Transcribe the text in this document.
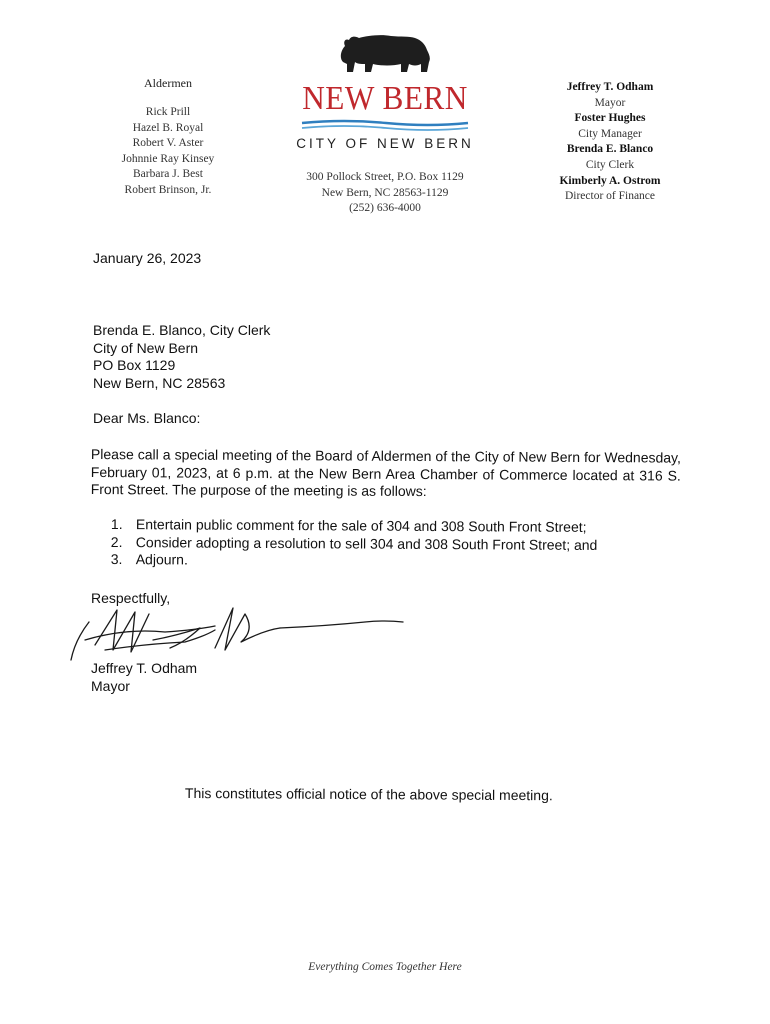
Aldermen
Rick Prill
Hazel B. Royal
Robert V. Aster
Johnnie Ray Kinsey
Barbara J. Best
Robert Brinson, Jr.
NEW BERN
CITY OF NEW BERN
300 Pollock Street, P.O. Box 1129
New Bern, NC 28563-1129
(252) 636-4000
Jeffrey T. Odham
Mayor
Foster Hughes
City Manager
Brenda E. Blanco
City Clerk
Kimberly A. Ostrom
Director of Finance
January 26, 2023
Brenda E. Blanco, City Clerk
City of New Bern
PO Box 1129
New Bern, NC 28563
Dear Ms. Blanco:
Please call a special meeting of the Board of Aldermen of the City of New Bern for Wednesday, February 01, 2023, at 6 p.m. at the New Bern Area Chamber of Commerce located at 316 S. Front Street. The purpose of the meeting is as follows:
1. Entertain public comment for the sale of 304 and 308 South Front Street;
2. Consider adopting a resolution to sell 304 and 308 South Front Street; and
3. Adjourn.
Respectfully,
Jeffrey T. Odham
Mayor
This constitutes official notice of the above special meeting.
Everything Comes Together Here
